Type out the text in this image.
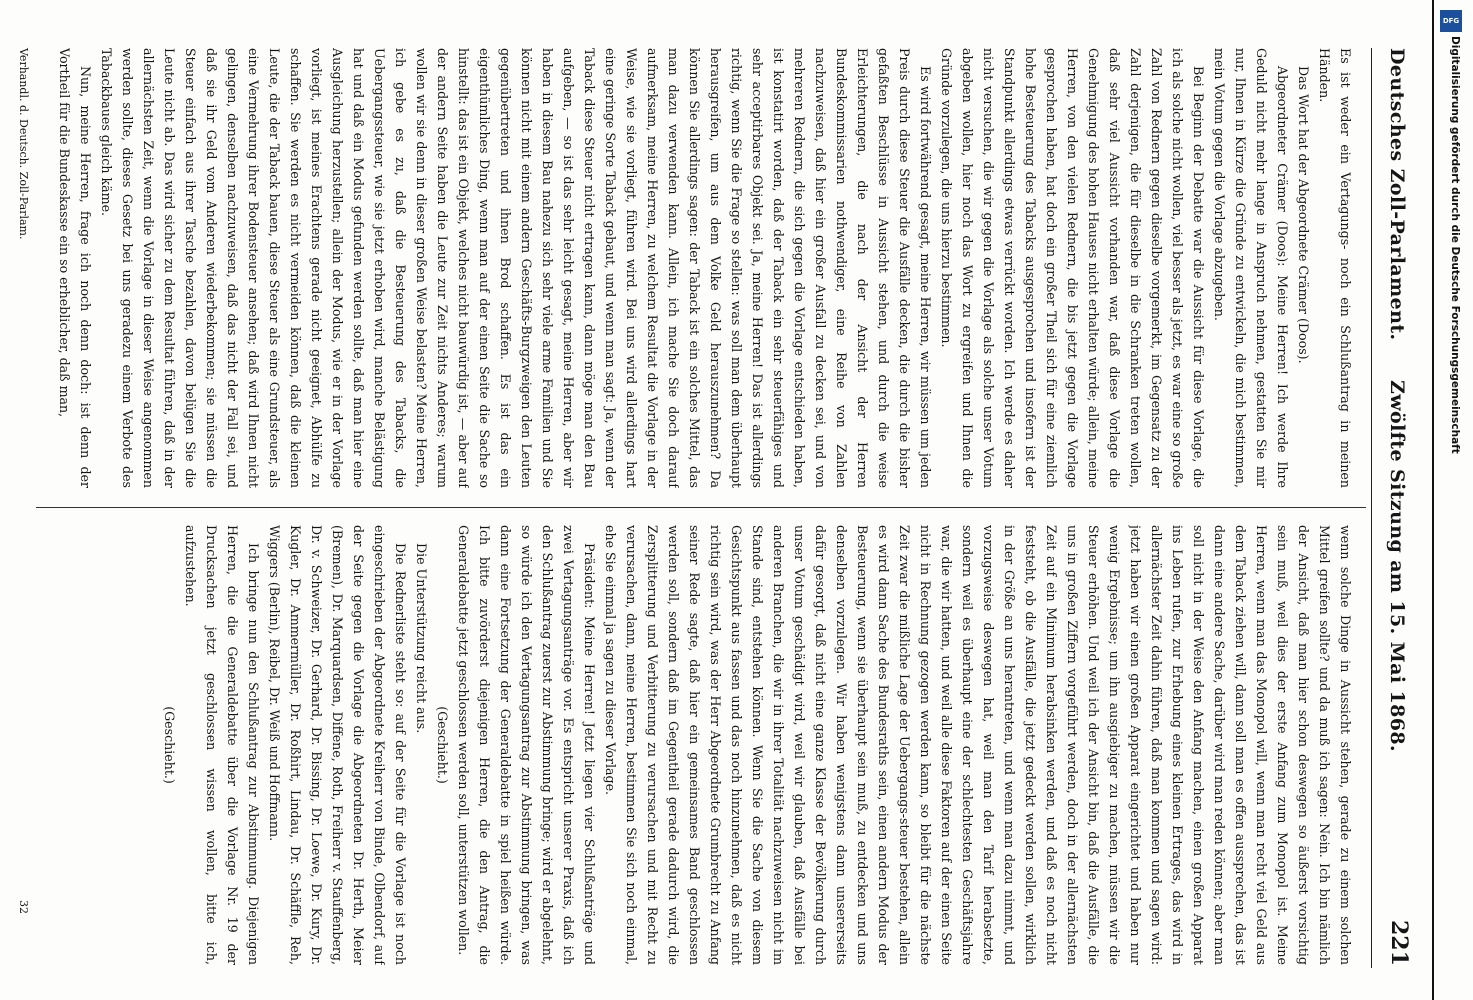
Deutsches Zoll-Parlament.
Zwölfte Sitzung am 15. Mai 1868.
221

Es ist weder ein Vertagungs- noch ein Schlußantrag in meinen Händen.

Das Wort hat der Abgeordnete Crämer (Doos).

Abgeordneter Crämer (Doos): Meine Herren! Ich werde Ihre Geduld nicht mehr lange in Anspruch nehmen, gestatten Sie mir nur, Ihnen in Kürze die Gründe zu entwickeln, die mich bestimmen, mein Votum gegen die Vorlage abzugeben.

Bei Beginn der Debatte war die Aussicht für diese Vorlage, die ich als solche nicht wollen, viel besser als jetzt, es war eine so große Zahl von Rednern gegen dieselbe vorgemerkt, im Gegensatz zu der Zahl derjenigen, die für dieselbe in die Schranken treten wollen, daß sehr viel Aussicht vorhanden war, daß diese Vorlage die Genehmigung des hohen Hauses nicht erhalten würde; allein, meine Herren, von den vielen Rednern, die bis jetzt gegen die Vorlage gesprochen haben, hat doch ein großer Theil sich für eine ziemlich hohe Besteuerung des Tabacks ausgesprochen und insofern ist der Standpunkt allerdings etwas verrückt worden. Ich werde es daher nicht versuchen, die wir gegen die Vorlage als solche unser Votum abgeben wollen, hier noch das Wort zu ergreifen und Ihnen die Gründe vorzulegen, die uns hierzu bestimmen.

Es wird fortwährend gesagt, meine Herren, wir müssen um jeden Preis durch diese Steuer die Ausfälle decken, die durch die bisher gefaßten Beschlüsse in Aussicht stehen, und durch die weise Erleichterungen, die nach der Ansicht der Herren Bundeskommissarien nothwendiger, eine Reihe von Zahlen nachzuweisen, daß hier ein großer Ausfall zu decken sei, und von mehreren Rednern, die sich gegen die Vorlage entschieden haben, ist konstatirt worden, daß der Taback ein sehr steuerfähiges und sehr acceptirbares Objekt sei. Ja, meine Herren! Das ist allerdings richtig, wenn Sie die Frage so stellen: was soll man dem überhaupt herausgreifen, um aus dem Volke Geld herauszunehmen? Da können Sie allerdings sagen: der Taback ist ein solches Mittel, das man dazu verwenden kann. Allein, ich mache Sie doch darauf aufmerksam, meine Herren, zu welchem Resultat die Vorlage in der Weise, wie sie vorliegt, führen wird. Bei uns wird allerdings hart eine geringe Sorte Taback gebaut, und wenn man sagt: Ja, wenn der Taback diese Steuer nicht ertragen kann, dann möge man den Bau aufgeben, — so ist das sehr leicht gesagt, meine Herren, aber wir haben in diesem Bau nahezu sich sehr viele arme Familien und Sie können nicht mit einem andern Geschäfts-Burgzweigen den Leuten gegenübertreten und ihnen Brod schaffen. Es ist das ein eigenthümliches Ding, wenn man auf der einen Seite die Sache so hinstellt: das ist ein Objekt, welches nicht bauwürdig ist, — aber auf der andern Seite haben die Leute zur Zeit nichts Anderes; warum wollen wir sie denn in dieser großen Weise belasten? Meine Herren, ich gebe es zu, daß die Besteuerung des Tabacks, die Uebergangssteuer, wie sie jetzt erhoben wird, manche Belästigung hat und daß ein Modus gefunden werden sollte, daß man hier eine Ausgleichung herzustellen; allein der Modus, wie er in der Vorlage vorliegt, ist meines Erachtens gerade nicht geeignet, Abhülfe zu schaffen. Sie werden es nicht vermeiden können, daß die kleinen Leute, die der Taback bauen, diese Steuer als eine Grundsteuer, als eine Vermehrung ihrer Bodensteuer ansehen; daß wird Ihnen nicht gelingen, denselben nachzuweisen, daß das nicht der Fall sei, und daß sie ihr Geld vom Anderen wiederbekommen; sie müssen die Steuer einfach aus ihrer Tasche bezahlen, davon belügen Sie die Leute nicht ab. Das wird sicher zu dem Resultat führen, daß in der allernächsten Zeit, wenn die Vorlage in dieser Weise angenommen werden sollte, dieses Gesetz bei uns geradezu einem Verbote des Tabackbaues gleich käme.

Nun, meine Herren, frage ich noch denn doch: ist denn der Vortheil für die Bundeskasse ein so erheblicher, daß man,

wenn solche Dinge in Aussicht stehen, gerade zu einem solchen Mittel greifen sollte? und da muß ich sagen: Nein. Ich bin nämlich der Ansicht, daß man hier schon deswegen so äußerst vorsichtig sein muß, weil dies der erste Anfang zum Monopol ist. Meine Herren, wenn man das Monopol will, wenn man recht viel Geld aus dem Taback ziehen will, dann soll man es offen aussprechen, das ist dann eine andere Sache, darüber wird man reden können; aber man soll nicht in der Weise den Anfang machen, einen großen Apparat ins Leben rufen, zur Erhebung eines kleinen Ertrages, das wird in allernächster Zeit dahin führen, daß man kommen und sagen wird: jetzt haben wir einen großen Apparat eingerichtet und haben nur wenig Ergebnisse; um ihn ausgiebiger zu machen, müssen wir die Steuer erhöhen. Und weil ich der Ansicht bin, daß die Ausfälle, die uns in großen Ziffern vorgeführt werden, doch in der allernächsten Zeit auf ein Minimum herabsinken werden, und daß es noch nicht feststeht, ob die Ausfälle, die jetzt gedeckt werden sollen, wirklich in der Größe an uns herantreten, und wenn man dazu nimmt, und vorzugsweise deswegen hat, weil man den Tarif herabsetzte, sondern weil es überhaupt eine der schlechtesten Geschäftsjahre war, die wir hatten, und weil alle diese Faktoren auf der einen Seite nicht in Rechnung gezogen werden kann, so bleibt für die nächste Zeit zwar die mißliche Lage der Uebergangs-steuer bestehen, allein es wird dann Sache des Bundesraths sein, einen andern Modus der Besteuerung, wenn sie überhaupt sein muß, zu entdecken und uns denselben vorzulegen. Wir haben wenigstens dann unsererseits dafür gesorgt, daß nicht eine ganze Klasse der Bevölkerung durch unser Votum geschädigt wird, weil wir glauben, daß Ausfälle bei anderen Branchen, die wir in ihrer Totalität nachzuweisen nicht im Stande sind, entstehen können. Wenn Sie die Sache von diesem Gesichtspunkt aus fassen und das noch hinzunehmen, daß es nicht richtig sein wird, was der Herr Abgeordnete Grumbrecht zu Anfang seiner Rede sagte, daß hier ein gemeinsames Band geschlossen werden soll, sondern daß im Gegentheil gerade dadurch wird, die Zersplitterung und Verbitterung zu verursachen und mit Recht zu verursachen, dann, meine Herren, bestimmen Sie sich noch einmal, ehe Sie einmal ja sagen zu dieser Vorlage.

Präsident: Meine Herren! Jetzt liegen vier Schlußanträge und zwei Vertagungsanträge vor. Es entspricht unserer Praxis, daß ich den Schlußantrag zuerst zur Abstimmung bringe; wird er abgelehnt, so würde ich den Vertagungsantrag zur Abstimmung bringen, was dann eine Fortsetzung der Generaldebatte in spiel heißen würde. Ich bitte zuvörderst diejenigen Herren, die den Antrag, die Generaldebatte jetzt geschlossen werden soll, unterstützen wollen.

(Geschieht.)

Die Unterstützung reicht aus.

Die Rednerliste steht so: auf der Seite für die Vorlage ist noch eingeschrieben der Abgeordnete Kreiherr von Binde, Olbendorf, auf der Seite gegen die Vorlage die Abgeordneten Dr. Herth, Meier (Bremen), Dr. Marquardsen, Diffene, Roth, Freiherr v. Stauffenberg, Dr. v. Schweizer, Dr. Gerhard, Dr. Bissing, Dr. Loewe, Dr. Kury, Dr. Kugler, Dr. Ammermüller, Dr. Roßhirt, Lindau, Dr. Schäffle, Reh, Wiggers (Berlin), Reibel, Dr. Weiß und Hoffmann.

Ich bringe nun den Schlußantrag zur Abstimmung. Diejenigen Herren, die die Generaldebatte über die Vorlage Nr. 19 der Drucksachen jetzt geschlossen wissen wollen, bitte ich, aufzustehen.

(Geschieht.)

Verhandl. d. Deutsch. Zoll-Parlam.
32
DFG
Digitalisierung gefördert durch die Deutsche Forschungsgemeinschaft
